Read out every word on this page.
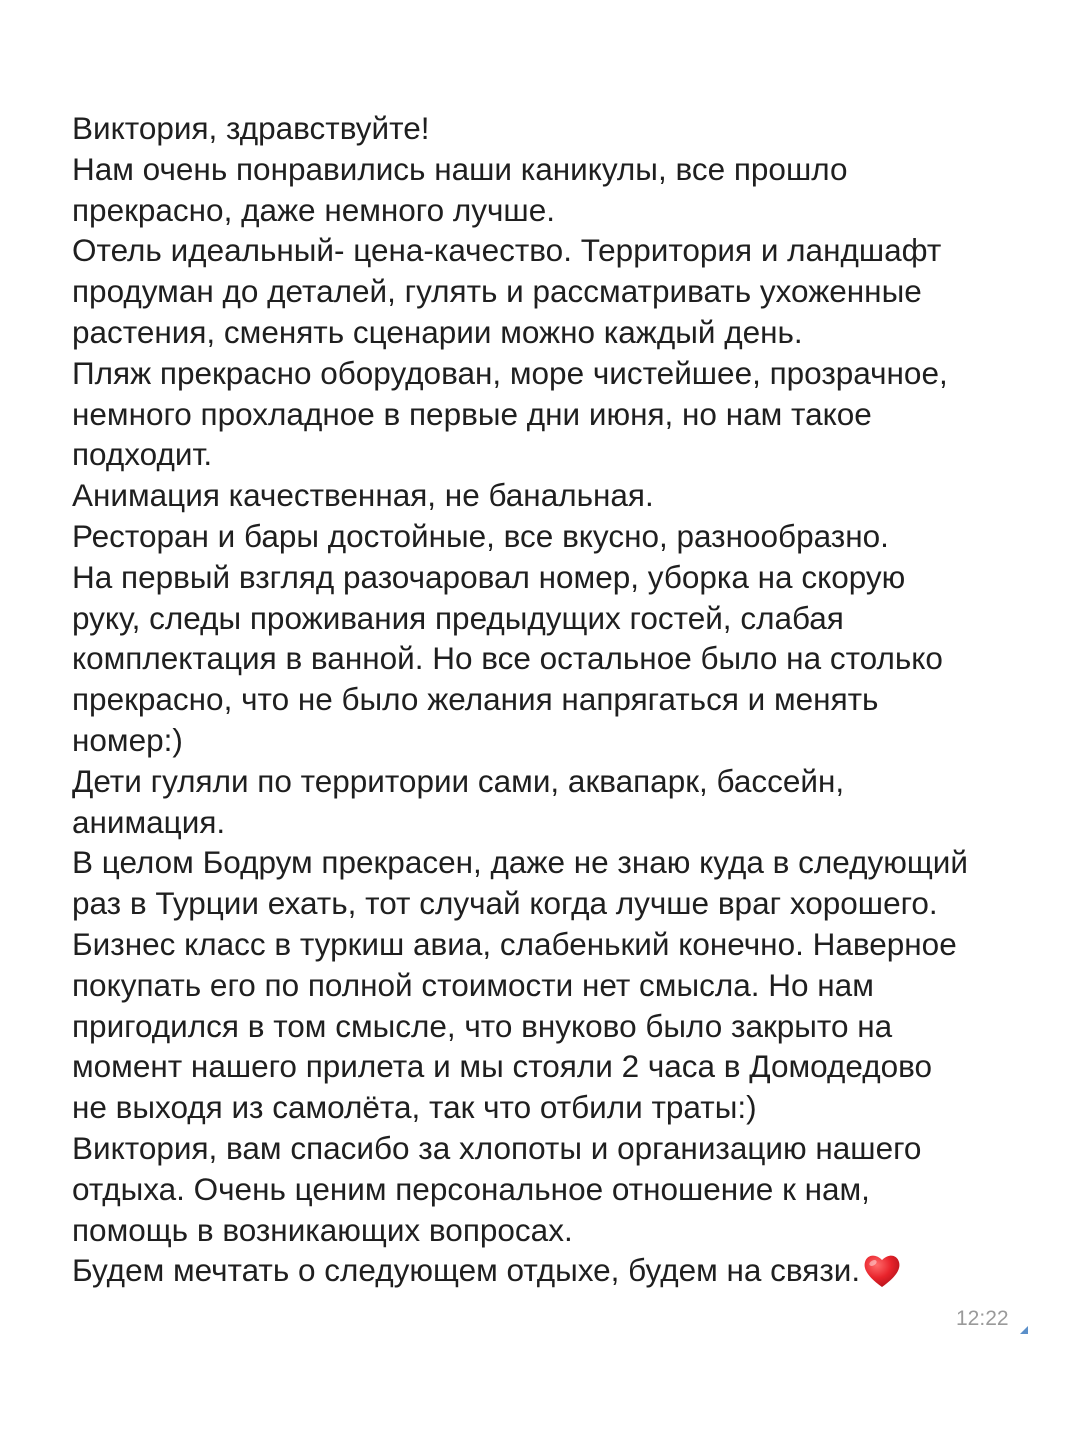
Виктория, здравствуйте!
Нам очень понравились наши каникулы, все прошло
прекрасно, даже немного лучше.
Отель идеальный- цена-качество. Территория и ландшафт
продуман до деталей, гулять и рассматривать ухоженные
растения, сменять сценарии можно каждый день.
Пляж прекрасно оборудован, море чистейшее, прозрачное,
немного прохладное в первые дни июня, но нам такое
подходит.
Анимация качественная, не банальная.
Ресторан и бары достойные, все вкусно, разнообразно.
На первый взгляд разочаровал номер, уборка на скорую
руку, следы проживания предыдущих гостей, слабая
комплектация в ванной. Но все остальное было на столько
прекрасно, что не было желания напрягаться и менять
номер:)
Дети гуляли по территории сами, аквапарк, бассейн,
анимация.
В целом Бодрум прекрасен, даже не знаю куда в следующий
раз в Турции ехать, тот случай когда лучше враг хорошего.
Бизнес класс в туркиш авиа, слабенький конечно. Наверное
покупать его по полной стоимости нет смысла. Но нам
пригодился в том смысле, что внуково было закрыто на
момент нашего прилета и мы стояли 2 часа в Домодедово
не выходя из самолёта, так что отбили траты:)
Виктория, вам спасибо за хлопоты и организацию нашего
отдыха. Очень ценим персональное отношение к нам,
помощь в возникающих вопросах.
Будем мечтать о следующем отдыхе, будем на связи.

12:22
